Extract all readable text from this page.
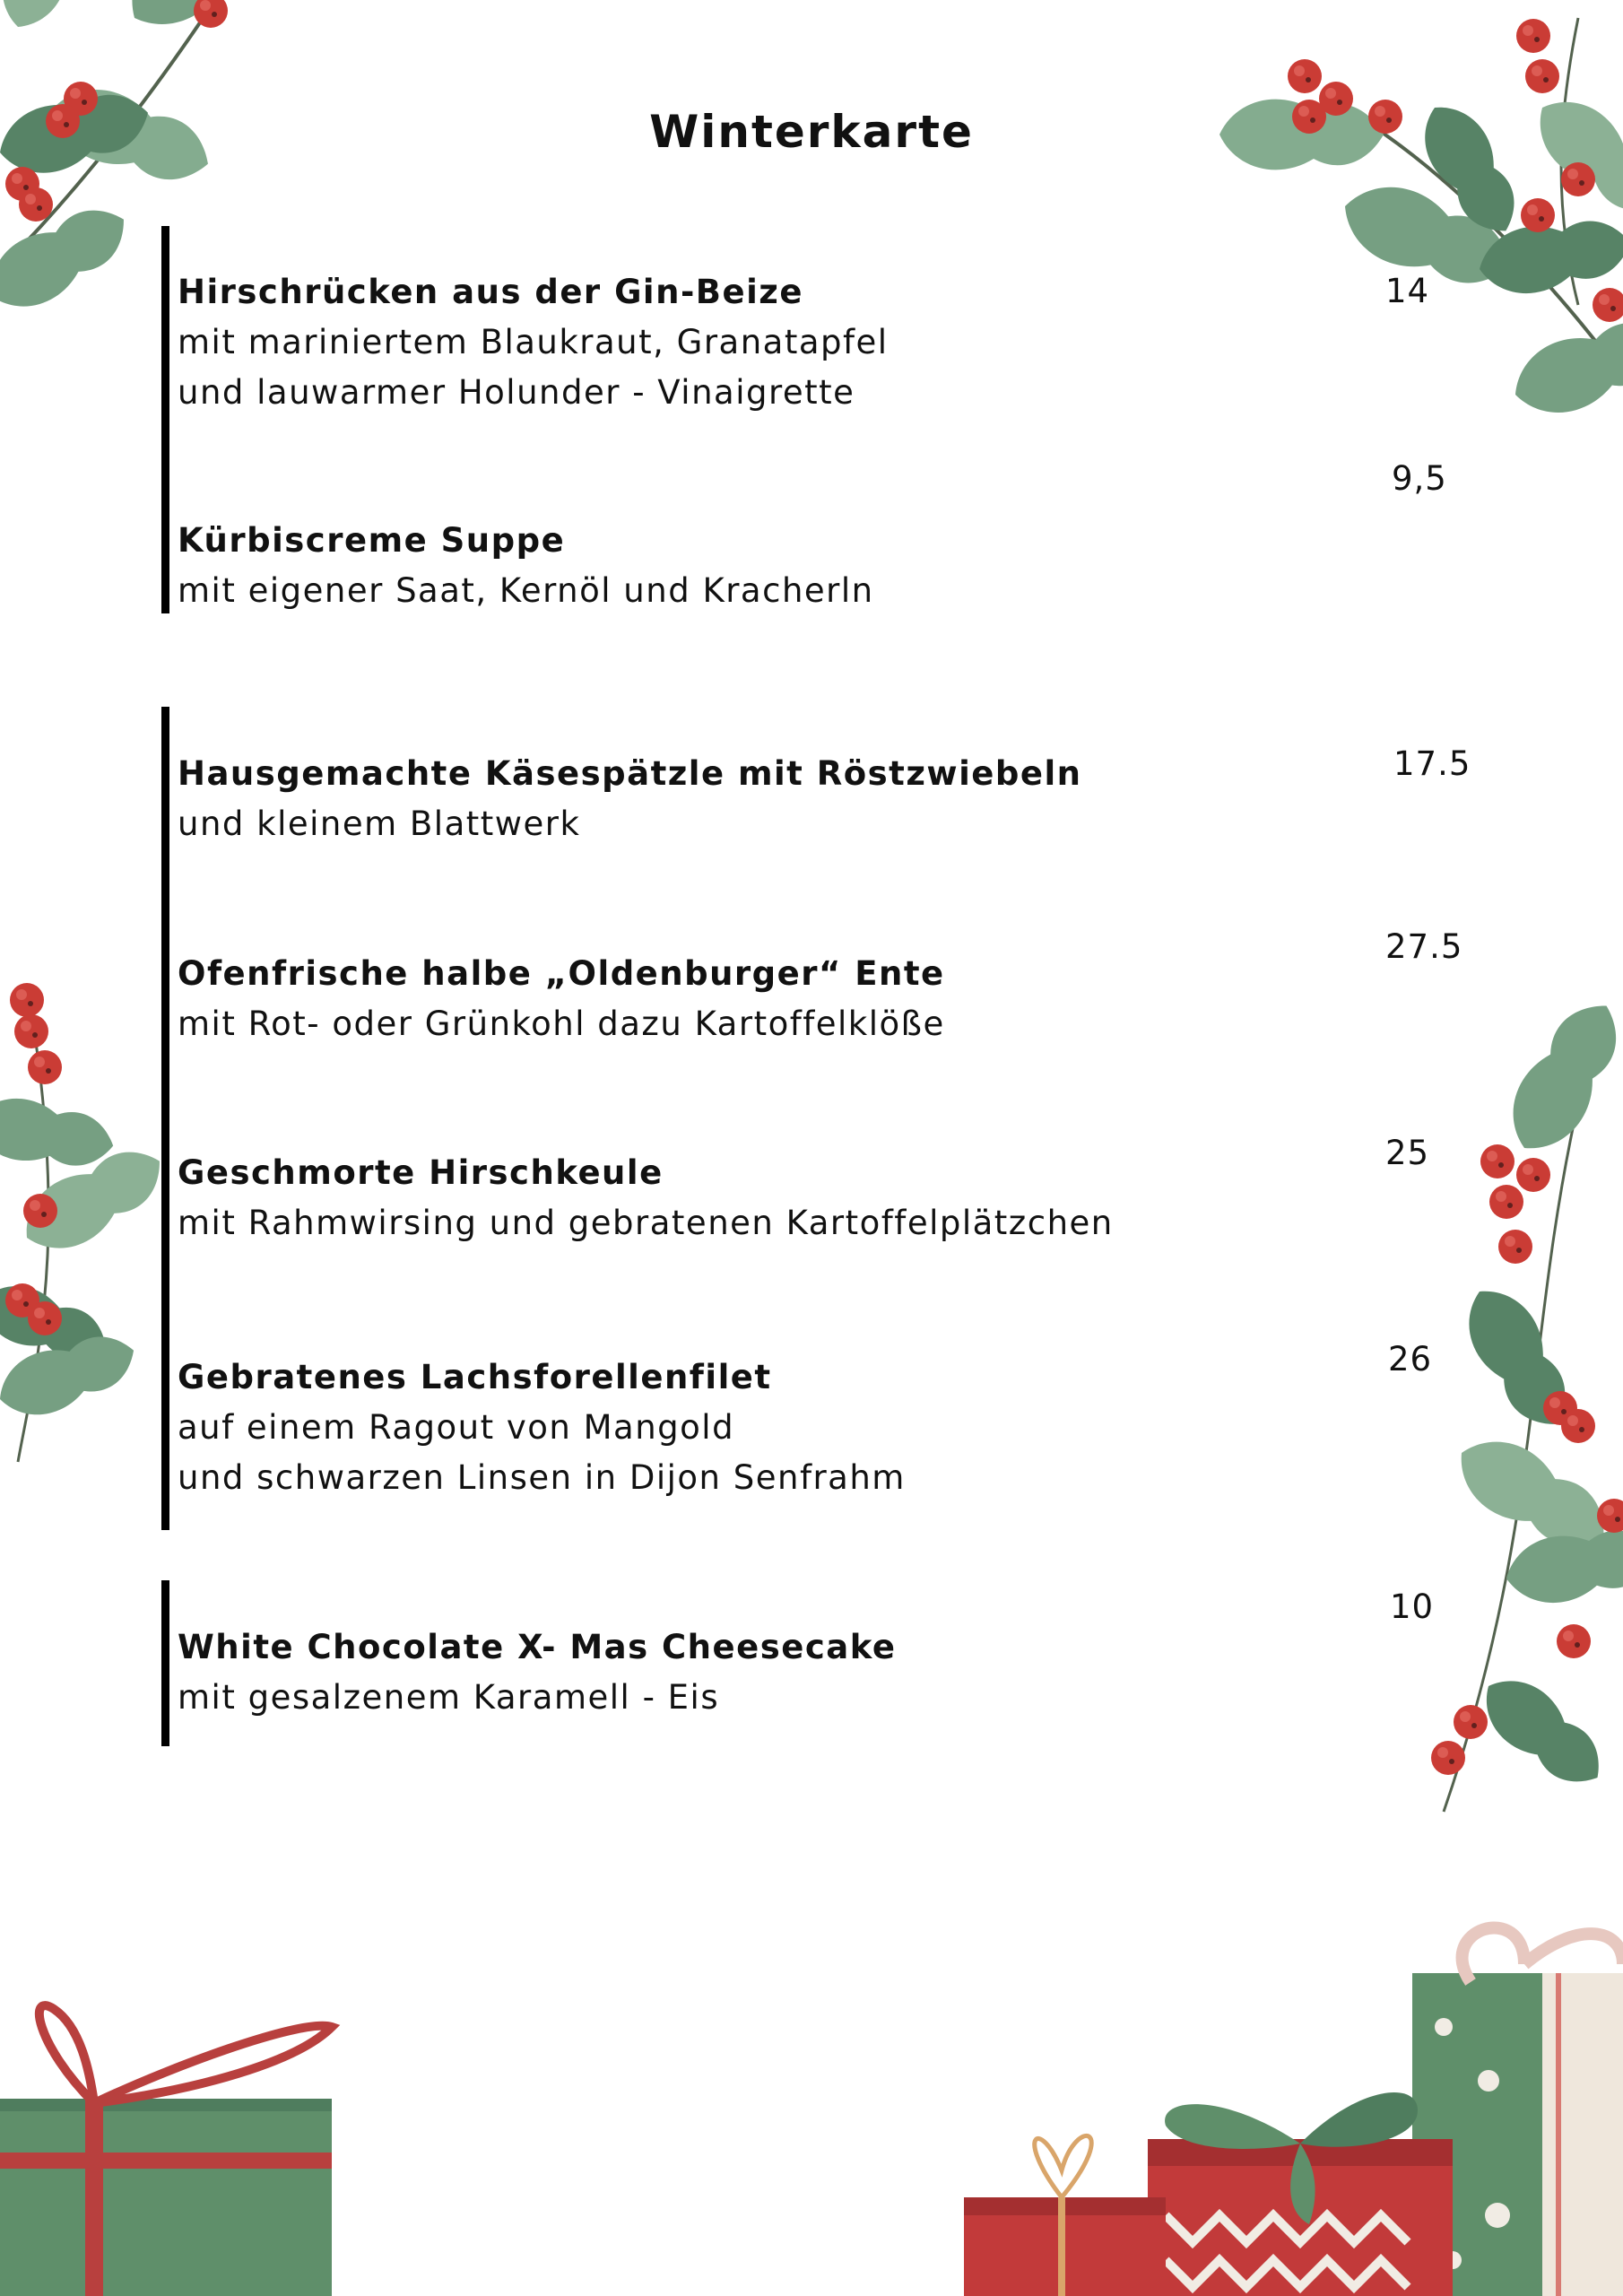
Winterkarte
Hirschrücken aus der Gin-Beize
mit mariniertem Blaukraut, Granatapfel
und lauwarmer Holunder - Vinaigrette
14
Kürbiscreme Suppe
mit eigener Saat, Kernöl und Kracherln
9,5
Hausgemachte Käsespätzle mit Röstzwiebeln
und kleinem Blattwerk
17.5
Ofenfrische halbe „Oldenburger“ Ente
mit Rot- oder Grünkohl dazu Kartoffelklöße
27.5
Geschmorte Hirschkeule
mit Rahmwirsing und gebratenen Kartoffelplätzchen
25
Gebratenes Lachsforellenfilet
auf einem Ragout von Mangold
und schwarzen Linsen in Dijon Senfrahm
26
White Chocolate X- Mas Cheesecake
mit gesalzenem Karamell - Eis
10
